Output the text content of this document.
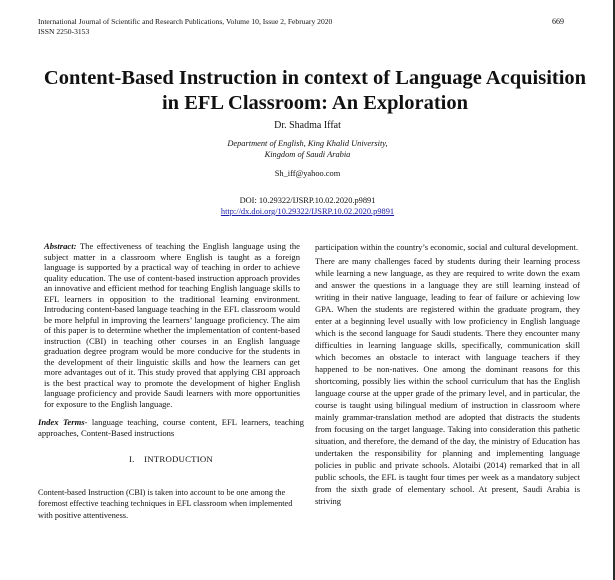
International Journal of Scientific and Research Publications, Volume 10, Issue 2, February 2020
ISSN 2250-3153
669
Content-Based Instruction in context of Language Acquisition in EFL Classroom: An Exploration
Dr. Shadma Iffat
Department of English, King Khalid University,
Kingdom of Saudi Arabia
Sh_iff@yahoo.com
DOI: 10.29322/IJSRP.10.02.2020.p9891
http://dx.doi.org/10.29322/IJSRP.10.02.2020.p9891
Abstract: The effectiveness of teaching the English language using the subject matter in a classroom where English is taught as a foreign language is supported by a practical way of teaching in order to achieve quality education. The use of content-based instruction approach provides an innovative and efficient method for teaching English language skills to EFL learners in opposition to the traditional learning environment. Introducing content-based language teaching in the EFL classroom would be more helpful in improving the learners’ language proficiency. The aim of this paper is to determine whether the implementation of content-based instruction (CBI) in teaching other courses in an English language graduation degree program would be more conducive for the students in the development of their linguistic skills and how the learners can get more advantages out of it. This study proved that applying CBI approach is the best practical way to promote the development of higher English language proficiency and provide Saudi learners with more opportunities for exposure to the English language.
Index Terms- language teaching, course content, EFL learners, teaching approaches, Content-Based instructions
I.    INTRODUCTION
Content-based Instruction (CBI) is taken into account to be one among the foremost effective teaching techniques in EFL classroom when implemented with positive attentiveness.

participation within the country’s economic, social and cultural development.

There are many challenges faced by students during their learning process while learning a new language, as they are required to write down the exam and answer the questions in a language they are still learning instead of writing in their native language, leading to fear of failure or achieving low GPA. When the students are registered within the graduate program, they enter at a beginning level usually with low proficiency in English language which is the second language for Saudi students. There they encounter many difficulties in learning language skills, specifically, communication skill which becomes an obstacle to interact with language teachers if they happened to be non-natives. One among the dominant reasons for this shortcoming, possibly lies within the school curriculum that has the English language course at the upper grade of the primary level, and in particular, the course is taught using bilingual medium of instruction in classroom where mainly grammar-translation method are adopted that distracts the students from focusing on the target language. Taking into consideration this pathetic situation, and therefore, the demand of the day, the ministry of Education has undertaken the responsibility for planning and implementing language policies in public and private schools. Alotaibi (2014) remarked that in all public schools, the EFL is taught four times per week as a mandatory subject from the sixth grade of elementary school. At present, Saudi Arabia is striving
